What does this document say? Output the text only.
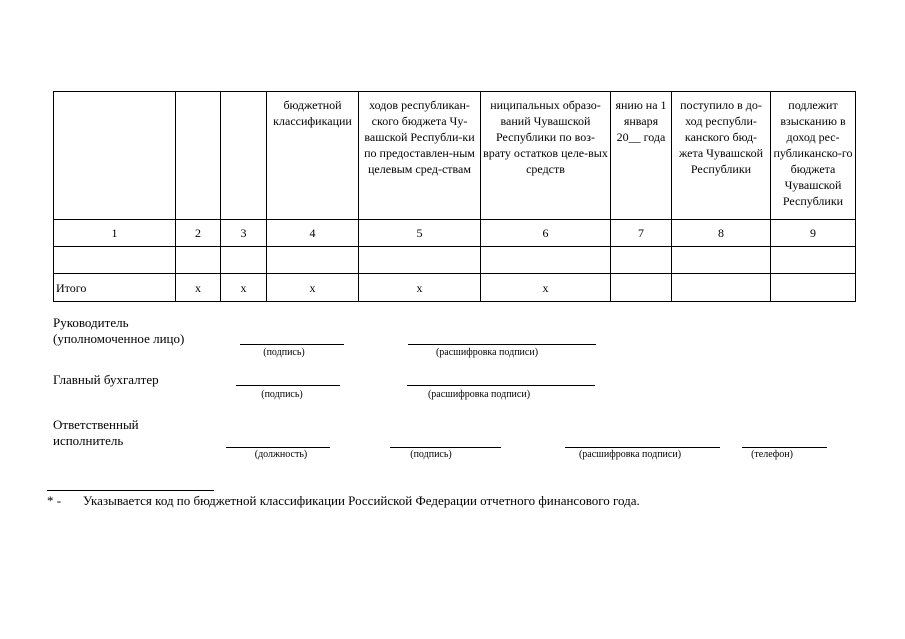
			бюджетной классификации	ходов республикан-ского бюджета Чу-вашской Республи-ки по предоставлен-ным целевым сред-ствам	ниципальных образо-ваний Чувашской Республики по воз-врату остатков целе-вых средств	янию на 1 января 20__ года	поступило в до-ход республи-канского бюд-жета Чувашской Республики	подлежит взысканию в доход рес-публиканско-го бюджета Чувашской Республики
1	2	3	4	5	6	7	8	9

Итого	x	x	x	x	x			
Руководитель
(уполномоченное лицо)
(подпись)	(расшифровка подписи)
Главный бухгалтер
(подпись)	(расшифровка подписи)
Ответственный
исполнитель
(должность)	(подпись)	(расшифровка подписи)	(телефон)
* - Указывается код по бюджетной классификации Российской Федерации отчетного финансового года.
